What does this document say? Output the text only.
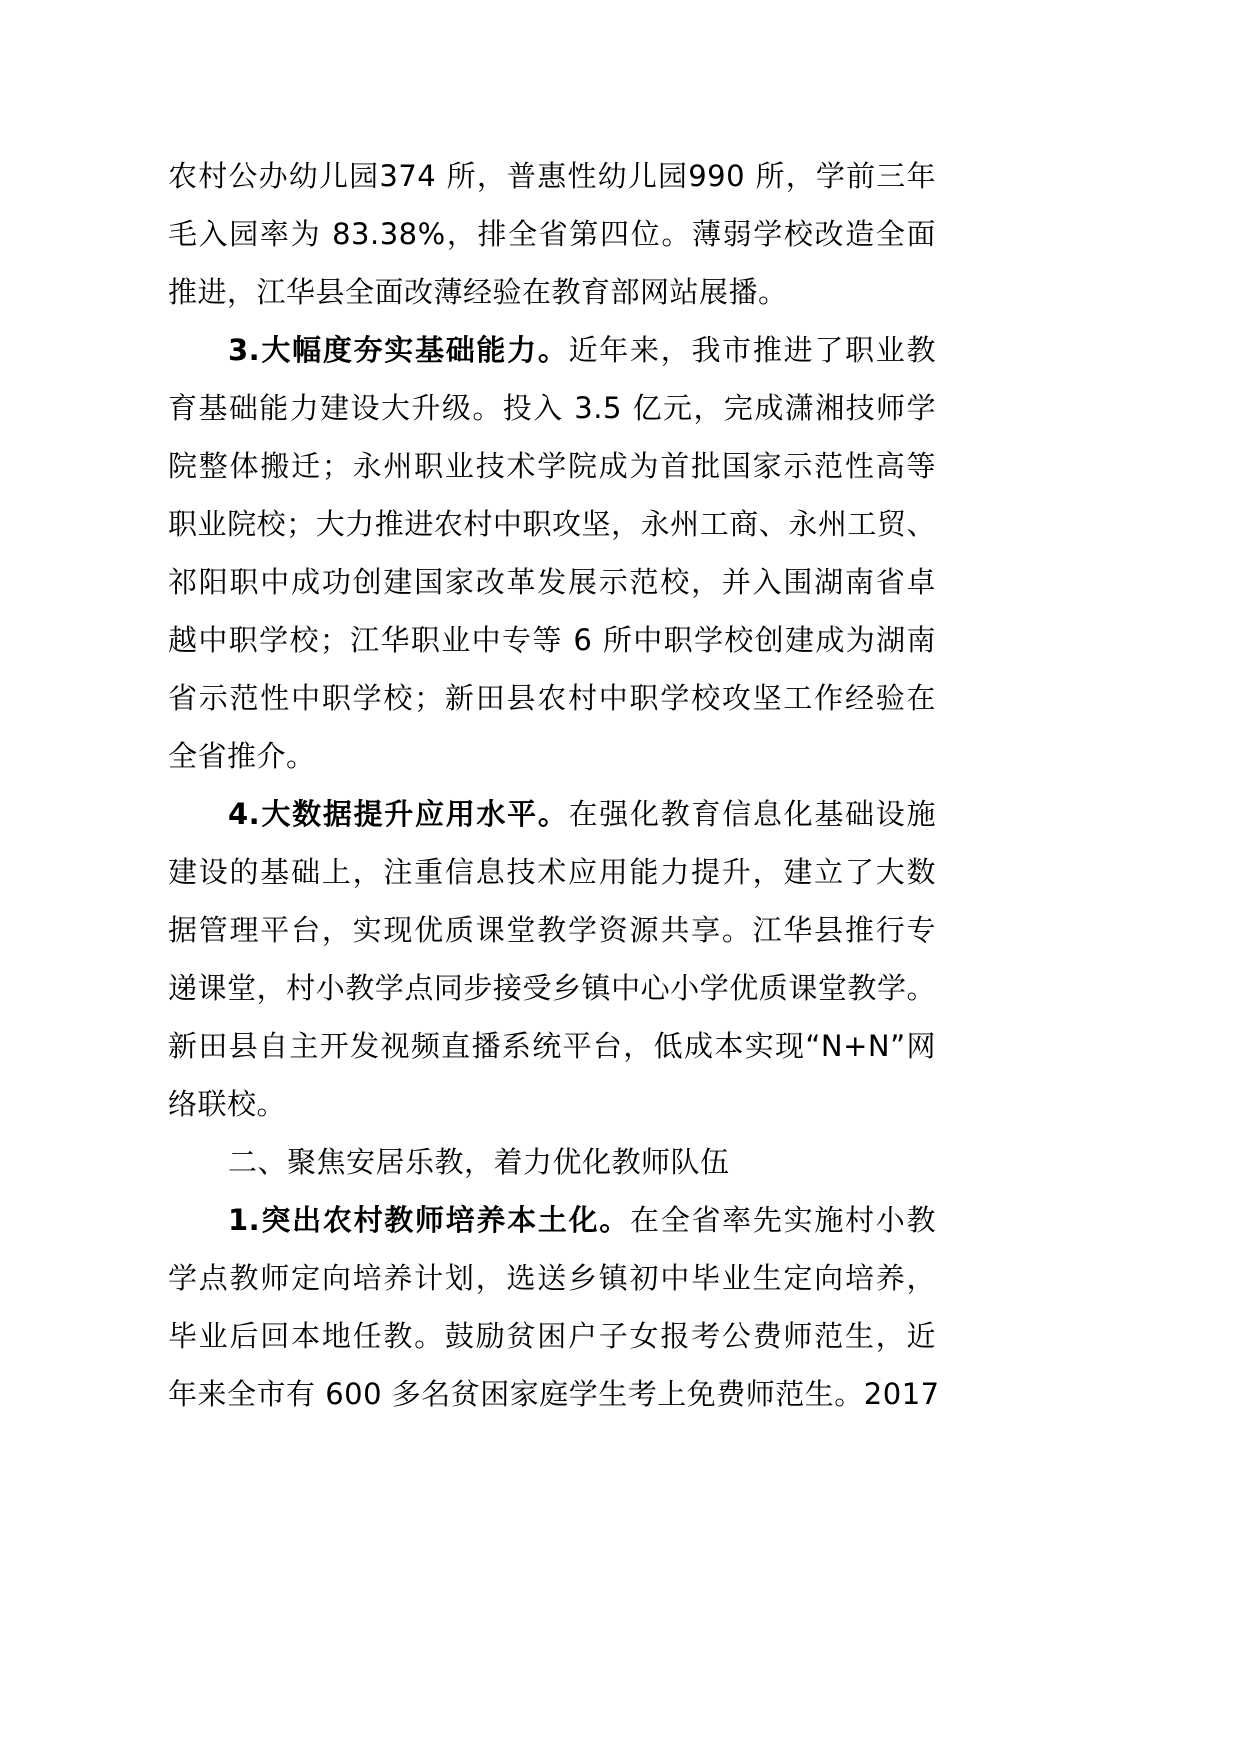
农村公办幼儿园374 所，普惠性幼儿园990 所，学前三年
毛入园率为 83.38%，排全省第四位。薄弱学校改造全面
推进，江华县全面改薄经验在教育部网站展播。
3.大幅度夯实基础能力。近年来，我市推进了职业教
育基础能力建设大升级。投入 3.5 亿元，完成潇湘技师学
院整体搬迁；永州职业技术学院成为首批国家示范性高等
职业院校；大力推进农村中职攻坚，永州工商、永州工贸、
祁阳职中成功创建国家改革发展示范校，并入围湖南省卓
越中职学校；江华职业中专等 6 所中职学校创建成为湖南
省示范性中职学校；新田县农村中职学校攻坚工作经验在
全省推介。
4.大数据提升应用水平。在强化教育信息化基础设施
建设的基础上，注重信息技术应用能力提升，建立了大数
据管理平台，实现优质课堂教学资源共享。江华县推行专
递课堂，村小教学点同步接受乡镇中心小学优质课堂教学。
新田县自主开发视频直播系统平台，低成本实现“N+N”网
络联校。
二、聚焦安居乐教，着力优化教师队伍
1.突出农村教师培养本土化。在全省率先实施村小教
学点教师定向培养计划，选送乡镇初中毕业生定向培养，
毕业后回本地任教。鼓励贫困户子女报考公费师范生，近
年来全市有 600 多名贫困家庭学生考上免费师范生。2017
